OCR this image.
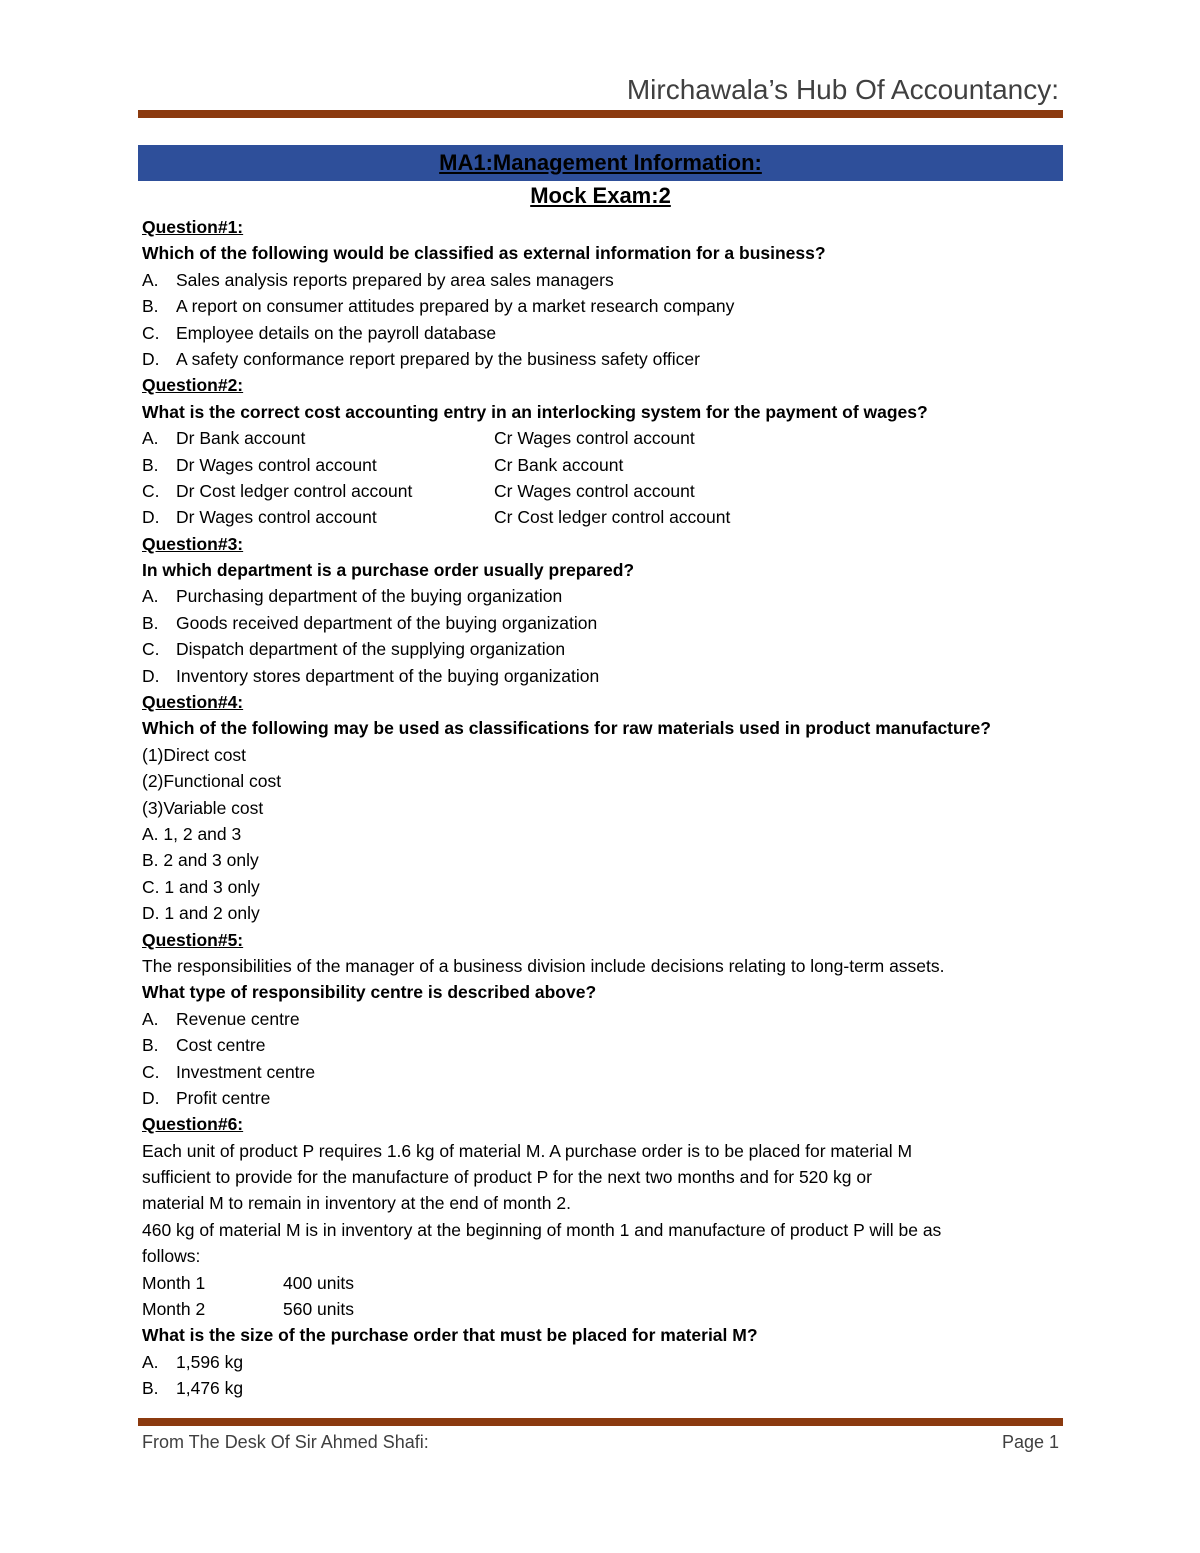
Mirchawala’s Hub Of Accountancy:
MA1:Management Information:
Mock Exam:2
Question#1:
Which of the following would be classified as external information for a business?
A. Sales analysis reports prepared by area sales managers
B. A report on consumer attitudes prepared by a market research company
C. Employee details on the payroll database
D. A safety conformance report prepared by the business safety officer
Question#2:
What is the correct cost accounting entry in an interlocking system for the payment of wages?
A. Dr Bank account	Cr Wages control account
B. Dr Wages control account	Cr Bank account
C. Dr Cost ledger control account	Cr Wages control account
D. Dr Wages control account	Cr Cost ledger control account
Question#3:
In which department is a purchase order usually prepared?
A. Purchasing department of the buying organization
B. Goods received department of the buying organization
C. Dispatch department of the supplying organization
D. Inventory stores department of the buying organization
Question#4:
Which of the following may be used as classifications for raw materials used in product manufacture?
(1)Direct cost
(2)Functional cost
(3)Variable cost
A. 1, 2 and 3
B. 2 and 3 only
C. 1 and 3 only
D. 1 and 2 only
Question#5:
The responsibilities of the manager of a business division include decisions relating to long-term assets.
What type of responsibility centre is described above?
A. Revenue centre
B. Cost centre
C. Investment centre
D. Profit centre
Question#6:
Each unit of product P requires 1.6 kg of material M. A purchase order is to be placed for material M
sufficient to provide for the manufacture of product P for the next two months and for 520 kg or
material M to remain in inventory at the end of month 2.
460 kg of material M is in inventory at the beginning of month 1 and manufacture of product P will be as
follows:
Month 1	400 units
Month 2	560 units
What is the size of the purchase order that must be placed for material M?
A. 1,596 kg
B. 1,476 kg
From The Desk Of Sir Ahmed Shafi:	Page 1
